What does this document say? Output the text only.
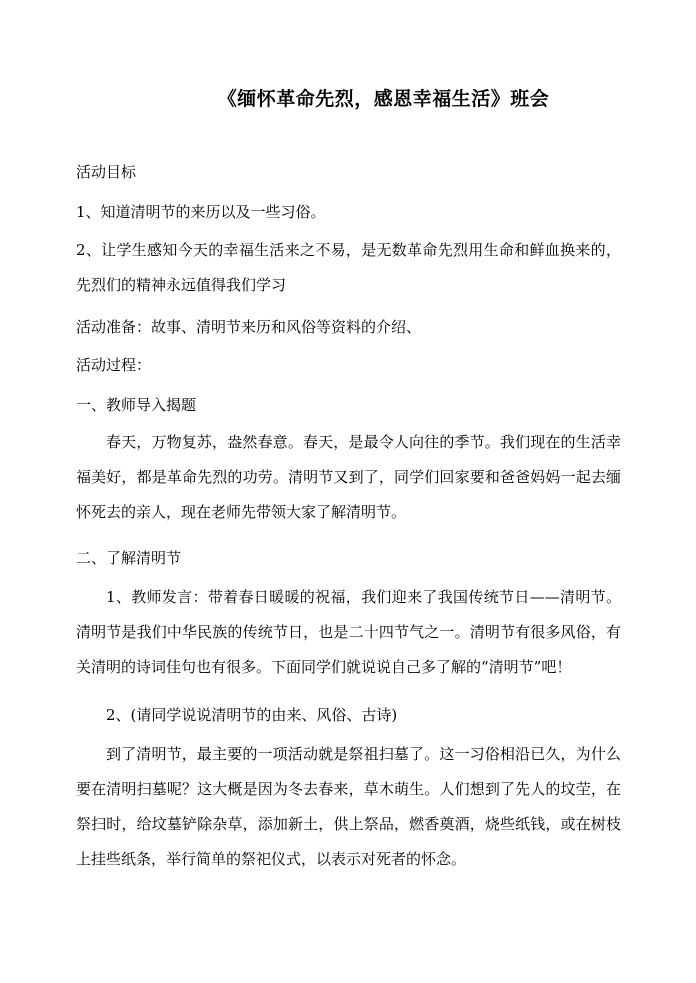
《缅怀革命先烈，感恩幸福生活》班会
活动目标
1、知道清明节的来历以及一些习俗。
2、让学生感知今天的幸福生活来之不易，是无数革命先烈用生命和鲜血换来的，先烈们的精神永远值得我们学习
活动准备：故事、清明节来历和风俗等资料的介绍、
活动过程：
一、教师导入揭题
春天，万物复苏，盎然春意。春天，是最令人向往的季节。我们现在的生活幸福美好，都是革命先烈的功劳。清明节又到了，同学们回家要和爸爸妈妈一起去缅怀死去的亲人，现在老师先带领大家了解清明节。
二、了解清明节
1、教师发言：带着春日暖暖的祝福，我们迎来了我国传统节日——清明节。清明节是我们中华民族的传统节日，也是二十四节气之一。清明节有很多风俗，有关清明的诗词佳句也有很多。下面同学们就说说自己多了解的“清明节”吧！
2、(请同学说说清明节的由来、风俗、古诗)
到了清明节，最主要的一项活动就是祭祖扫墓了。这一习俗相沿已久，为什么要在清明扫墓呢？这大概是因为冬去春来，草木萌生。人们想到了先人的坟茔，在祭扫时，给坟墓铲除杂草，添加新土，供上祭品，燃香奠酒，烧些纸钱，或在树枝上挂些纸条，举行简单的祭祀仪式，以表示对死者的怀念。
